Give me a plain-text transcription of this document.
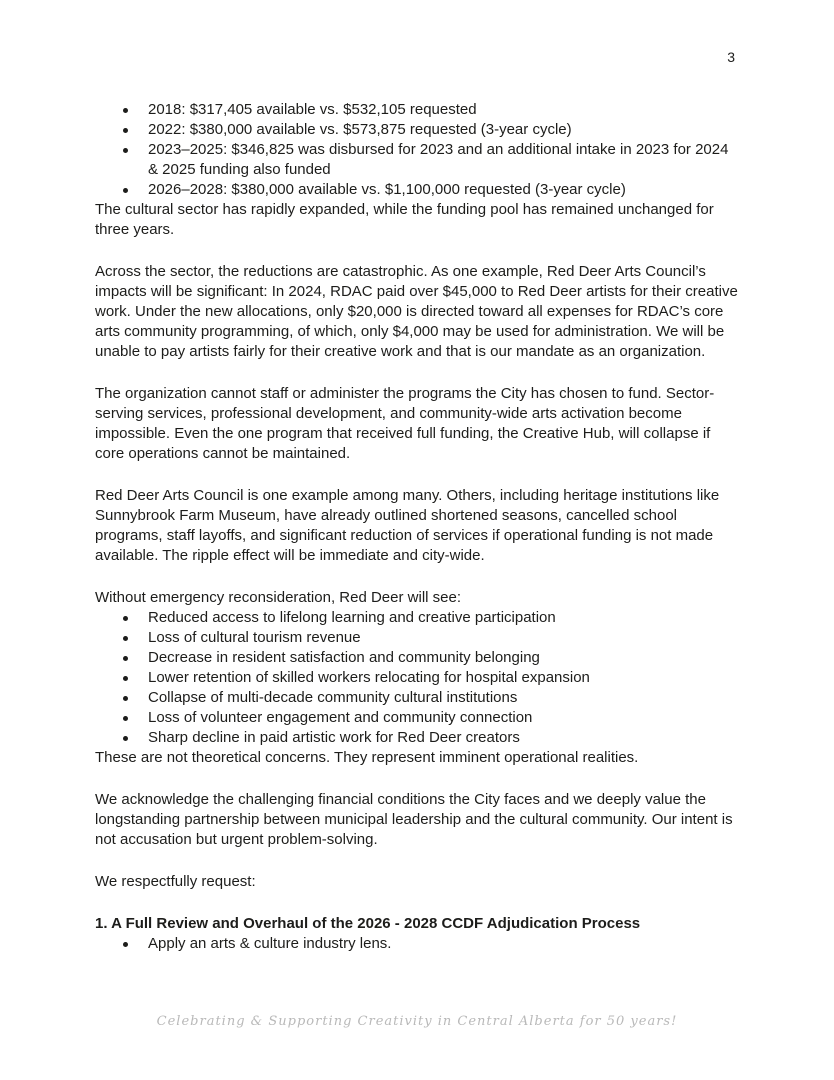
3
2018: $317,405 available vs. $532,105 requested
2022: $380,000 available vs. $573,875 requested (3-year cycle)
2023–2025: $346,825 was disbursed for 2023 and an additional intake in 2023 for 2024 & 2025 funding also funded
2026–2028: $380,000 available vs. $1,100,000 requested (3-year cycle)

The cultural sector has rapidly expanded, while the funding pool has remained unchanged for three years.

Across the sector, the reductions are catastrophic. As one example, Red Deer Arts Council’s impacts will be significant: In 2024, RDAC paid over $45,000 to Red Deer artists for their creative work. Under the new allocations, only $20,000 is directed toward all expenses for RDAC’s core arts community programming, of which, only $4,000 may be used for administration. We will be unable to pay artists fairly for their creative work and that is our mandate as an organization.

The organization cannot staff or administer the programs the City has chosen to fund. Sector-serving services, professional development, and community-wide arts activation become impossible. Even the one program that received full funding, the Creative Hub, will collapse if core operations cannot be maintained.

Red Deer Arts Council is one example among many. Others, including heritage institutions like Sunnybrook Farm Museum, have already outlined shortened seasons, cancelled school programs, staff layoffs, and significant reduction of services if operational funding is not made available. The ripple effect will be immediate and city-wide.

Without emergency reconsideration, Red Deer will see:

Reduced access to lifelong learning and creative participation
Loss of cultural tourism revenue
Decrease in resident satisfaction and community belonging
Lower retention of skilled workers relocating for hospital expansion
Collapse of multi-decade community cultural institutions
Loss of volunteer engagement and community connection
Sharp decline in paid artistic work for Red Deer creators

These are not theoretical concerns. They represent imminent operational realities.

We acknowledge the challenging financial conditions the City faces and we deeply value the longstanding partnership between municipal leadership and the cultural community. Our intent is not accusation but urgent problem-solving.

We respectfully request:

1. A Full Review and Overhaul of the 2026 - 2028 CCDF Adjudication Process

Apply an arts & culture industry lens.
Celebrating & Supporting Creativity in Central Alberta for 50 years!
